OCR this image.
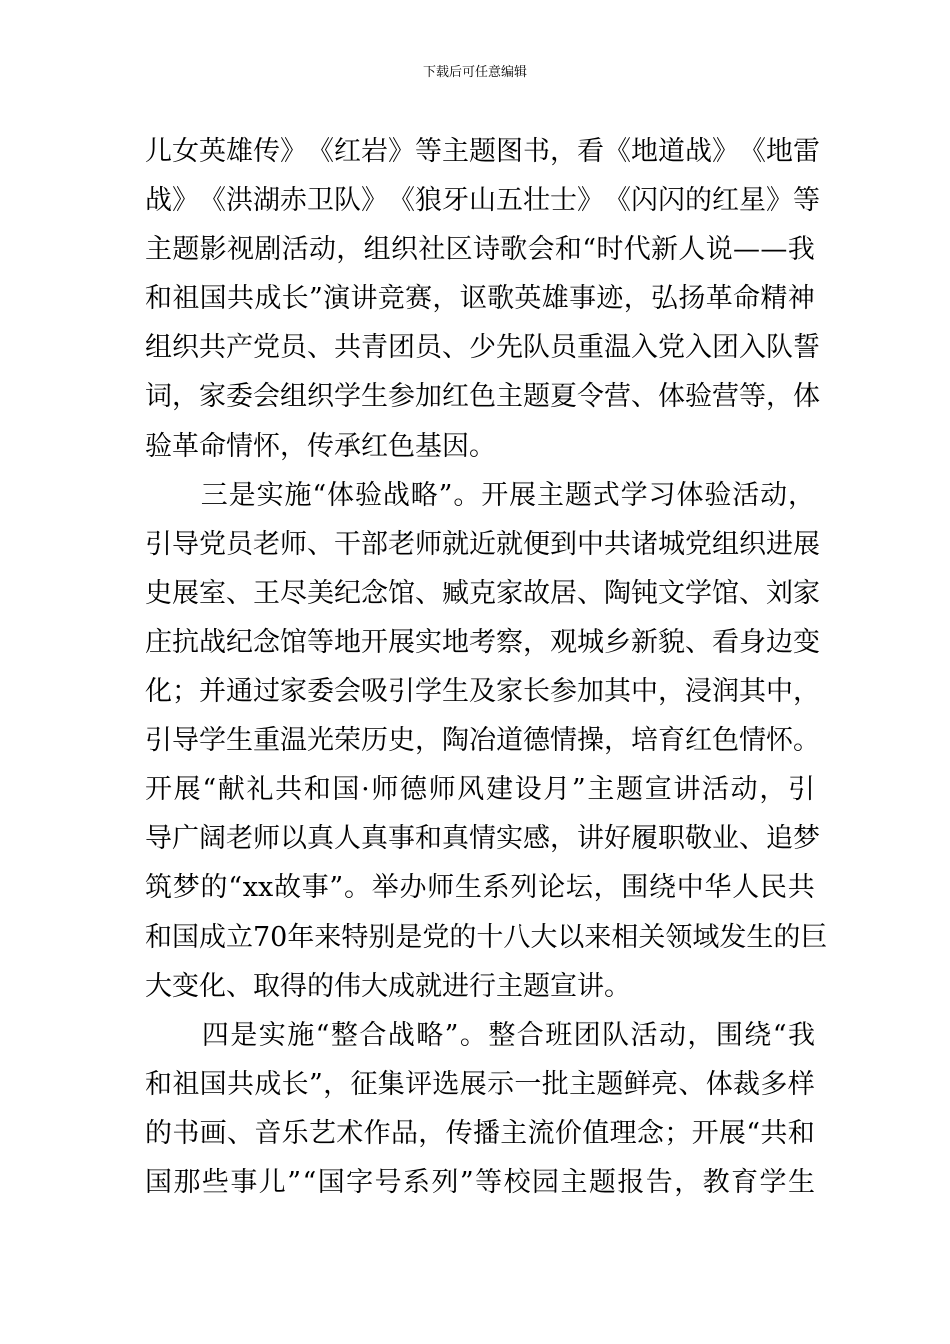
下载后可任意编辑
儿 女 英 雄 传 》 《 红 岩 》 等 主 题 图 书 ， 看 《 地 道 战 》 《 地 雷
战 》 《 洪 湖 赤 卫 队 》 《 狼 牙 山 五 壮 士 》 《 闪 闪 的 红 星 》 等
主 题 影 视 剧 活 动 ， 组 织 社 区 诗 歌 会 和 “ 时 代 新 人 说 — — 我
和 祖 国 共 成 长 ” 演 讲 竞 赛 ， 讴 歌 英 雄 事 迹 ， 弘 扬 革 命 精 神
组 织 共 产 党 员 、 共 青 团 员 、 少 先 队 员 重 温 入 党 入 团 入 队 誓
词 ， 家 委 会 组 织 学 生 参 加 红 色 主 题 夏 令 营 、 体 验 营 等 ， 体
验革命情怀，传承红色基因。

三 是 实 施 “ 体 验 战 略 ” 。 开 展 主 题 式 学 习 体 验 活 动 ，
引 导 党 员 老 师 、 干 部 老 师 就 近 就 便 到 中 共 诸 城 党 组 织 进 展
史 展 室 、 王 尽 美 纪 念 馆 、 臧 克 家 故 居 、 陶 钝 文 学 馆 、 刘 家
庄 抗 战 纪 念 馆 等 地 开 展 实 地 考 察 ， 观 城 乡 新 貌 、 看 身 边 变
化 ； 并 通 过 家 委 会 吸 引 学 生 及 家 长 参 加 其 中 ， 浸 润 其 中 ，
引 导 学 生 重 温 光 荣 历 史 ， 陶 冶 道 德 情 操 ， 培 育 红 色 情 怀 。
开 展 “ 献 礼 共 和 国 · 师 德 师 风 建 设 月 ” 主 题 宣 讲 活 动 ， 引
导 广 阔 老 师 以 真 人 真 事 和 真 情 实 感 ， 讲 好 履 职 敬 业 、 追 梦
筑 梦 的 “ xx 故 事 ” 。 举 办 师 生 系 列 论 坛 ， 围 绕 中 华 人 民 共
和 国 成 立 70 年 来 特 别 是 党 的 十 八 大 以 来 相 关 领 域 发 生 的 巨
大变化、取得的伟大成就进行主题宣讲。

四 是 实 施 “ 整 合 战 略 ” 。 整 合 班 团 队 活 动 ， 围 绕 “ 我
和 祖 国 共 成 长 ” ， 征 集 评 选 展 示 一 批 主 题 鲜 亮 、 体 裁 多 样
的 书 画 、 音 乐 艺 术 作 品 ， 传 播 主 流 价 值 理 念 ； 开 展 “ 共 和
国 那 些 事 儿 ” “ 国 字 号 系 列 ” 等 校 园 主 题 报 告 ， 教 育 学 生
